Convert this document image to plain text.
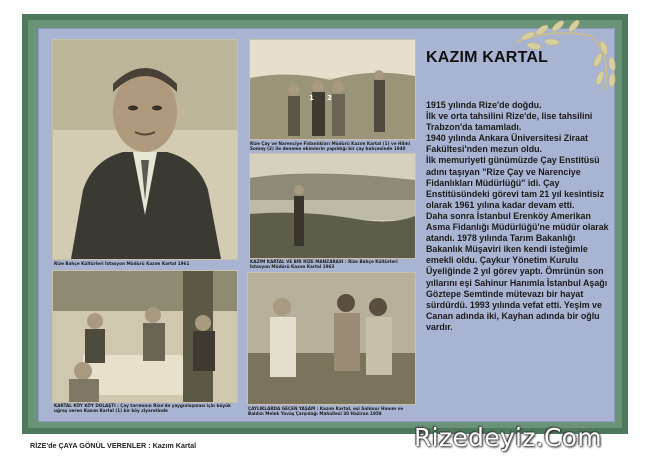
Rize Bahçe Kültürleri İstasyon Müdürü Kazım Kartal 1961
1 2
Rize Çay ve Narenciye Fidanlıkları Müdürü Kazım Kartal (1) ve Hilmi Somay (2) ile deneme ekimlerin yapıldığı bir çay bahçesinde 1940
KAZIM KARTAL VE BİR RİZE MANZARASI : Rize Bahçe Kültürleri İstasyon Müdürü Kazım Kartal 1963
KARTAL KÖY KÖY DOLAŞTI : Çay tarımının Rize'de yaygınlaşması için büyük uğraş veren Kazım Kartal (1) bir köy ziyaretinde	ÇAYLIKLARDA GEÇEN YAŞAM : Kazım Kartal, eşi Sahinur Hanım ve Baldızı Melek Yavaş Çarşıdağı Mahallesi 30 Haziran 1958
KAZIM KARTAL
1915 yılında Rize'de doğdu.
İlk ve orta tahsilini Rize'de, lise tahsilini Trabzon'da tamamladı.
1940 yılında Ankara Üniversitesi Ziraat Fakültesi'nden mezun oldu.
İlk memuriyeti günümüzde Çay Enstitüsü adını taşıyan "Rize Çay ve Narenciye Fidanlıkları Müdürlüğü" idi. Çay Enstitüsündeki görevi tam 21 yıl kesintisiz olarak 1961 yılına kadar devam etti.
Daha sonra İstanbul Erenköy Amerikan Asma Fidanlığı Müdürlüğü'ne müdür olarak atandı. 1978 yılında Tarım Bakanlığı Bakanlık Müşaviri iken kendi isteğimle emekli oldu. Çaykur Yönetim Kurulu Üyeliğinde 2 yıl görev yaptı. Ömrünün son yıllarını eşi Sahinur Hanımla İstanbul Aşağı Göztepe Semtinde mütevazı bir hayat sürdürdü. 1993 yılında vefat etti. Yeşim ve Canan adında iki, Kayhan adında bir oğlu vardır.
RİZE'de ÇAYA GÖNÜL VERENLER : Kazım Kartal	Rizedeyiz.Com
